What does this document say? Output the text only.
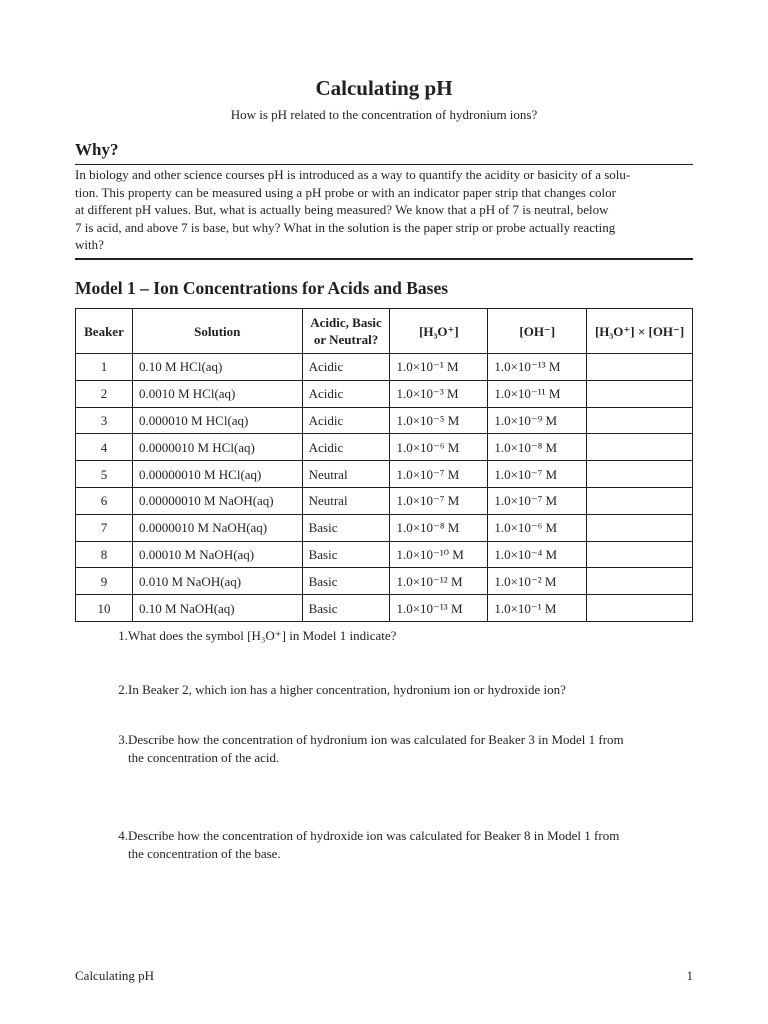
Calculating pH
How is pH related to the concentration of hydronium ions?
Why?
In biology and other science courses pH is introduced as a way to quantify the acidity or basicity of a solu-
tion. This property can be measured using a pH probe or with an indicator paper strip that changes color
at different pH values. But, what is actually being measured? We know that a pH of 7 is neutral, below
7 is acid, and above 7 is base, but why? What in the solution is the paper strip or probe actually reacting
with?
Model 1 – Ion Concentrations for Acids and Bases
Beaker	Solution	Acidic, Basic
or Neutral?	[H₃O⁺]	[OH⁻]	[H₃O⁺] × [OH⁻]
1	0.10 M HCl(aq)	Acidic	1.0×10⁻¹ M	1.0×10⁻¹³ M	
2	0.0010 M HCl(aq)	Acidic	1.0×10⁻³ M	1.0×10⁻¹¹ M	
3	0.000010 M HCl(aq)	Acidic	1.0×10⁻⁵ M	1.0×10⁻⁹ M	
4	0.0000010 M HCl(aq)	Acidic	1.0×10⁻⁶ M	1.0×10⁻⁸ M	
5	0.00000010 M HCl(aq)	Neutral	1.0×10⁻⁷ M	1.0×10⁻⁷ M	
6	0.00000010 M NaOH(aq)	Neutral	1.0×10⁻⁷ M	1.0×10⁻⁷ M	
7	0.0000010 M NaOH(aq)	Basic	1.0×10⁻⁸ M	1.0×10⁻⁶ M	
8	0.00010 M NaOH(aq)	Basic	1.0×10⁻¹⁰ M	1.0×10⁻⁴ M	
9	0.010 M NaOH(aq)	Basic	1.0×10⁻¹² M	1.0×10⁻² M	
10	0.10 M NaOH(aq)	Basic	1.0×10⁻¹³ M	1.0×10⁻¹ M	
1. What does the symbol [H₃O⁺] in Model 1 indicate?
2. In Beaker 2, which ion has a higher concentration, hydronium ion or hydroxide ion?
3. Describe how the concentration of hydronium ion was calculated for Beaker 3 in Model 1 from
the concentration of the acid.
4. Describe how the concentration of hydroxide ion was calculated for Beaker 8 in Model 1 from
the concentration of the base.
Calculating pH	1
